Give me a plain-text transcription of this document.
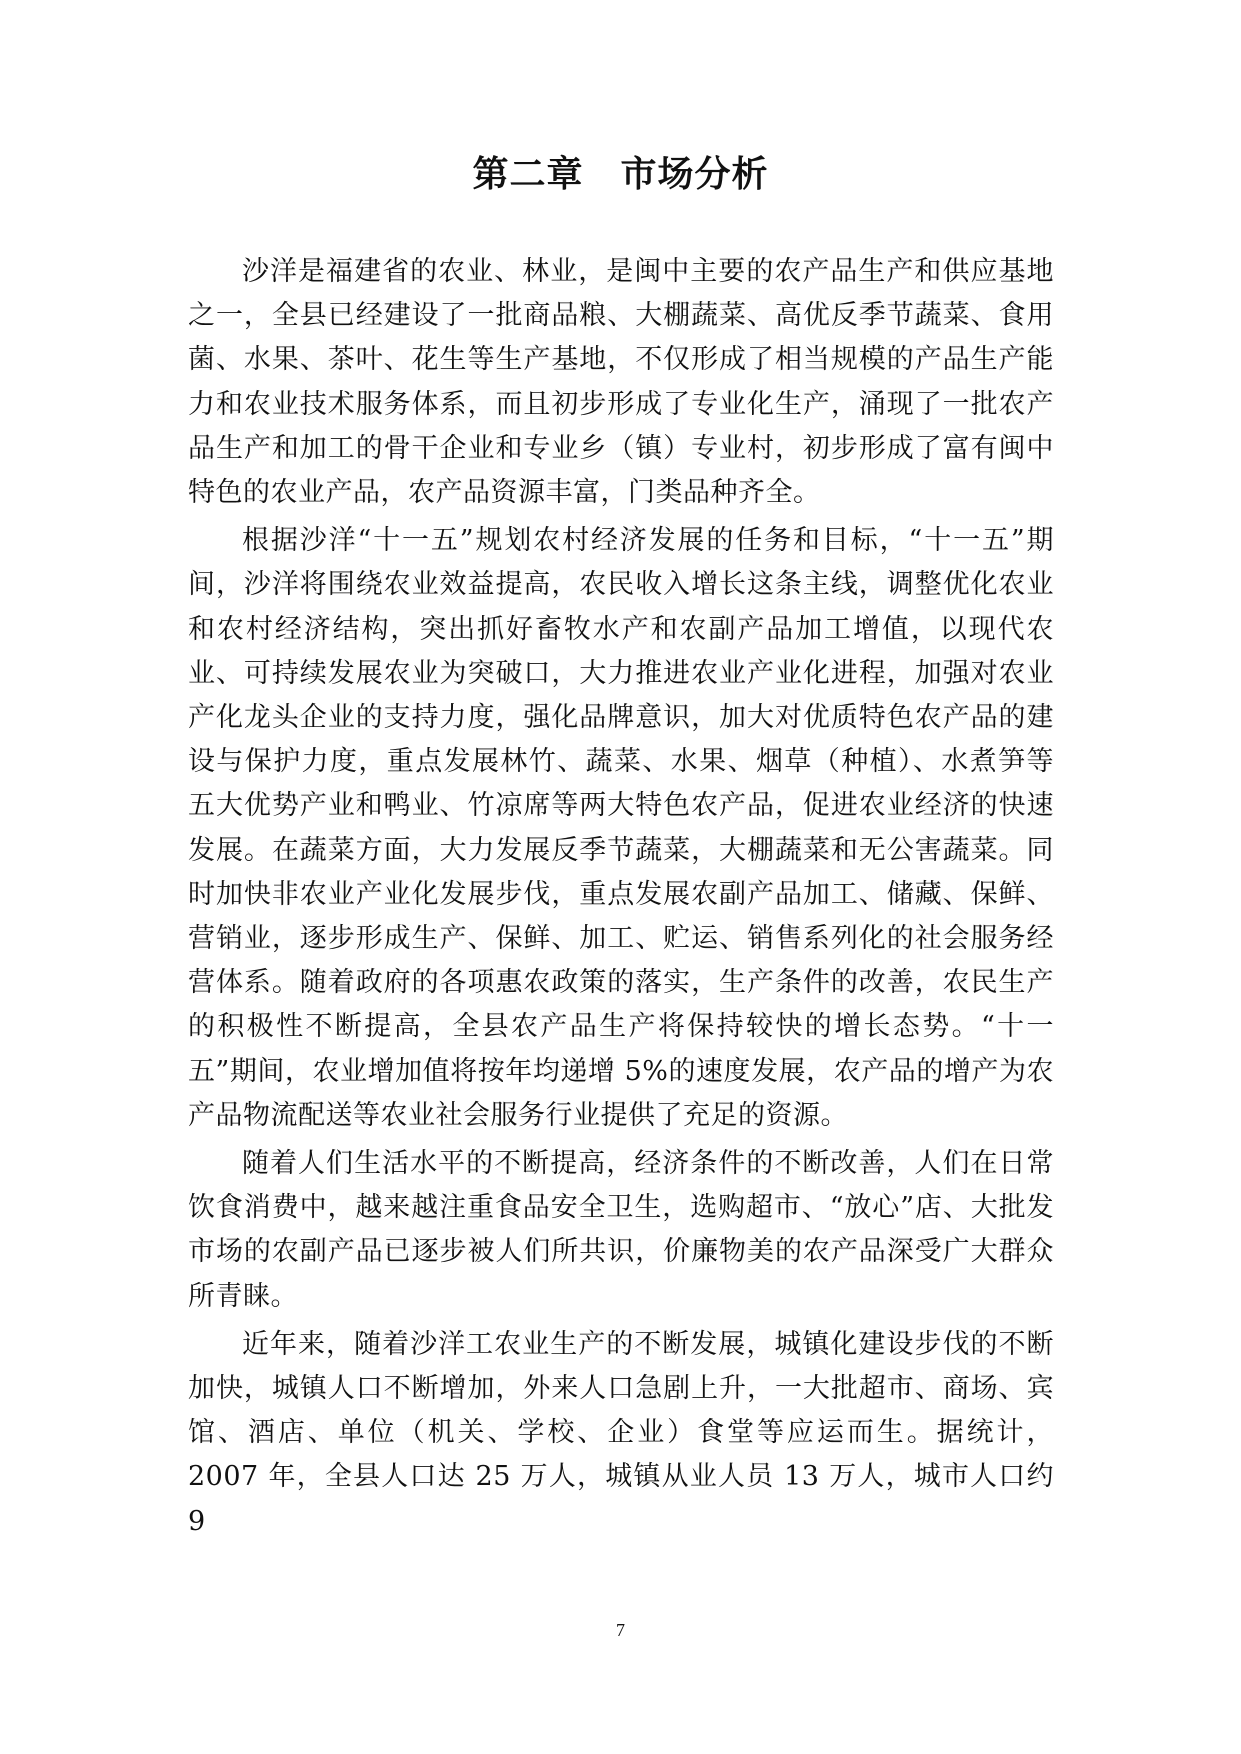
第二章　市场分析

沙洋是福建省的农业、林业，是闽中主要的农产品生产和供应基地之一，全县已经建设了一批商品粮、大棚蔬菜、高优反季节蔬菜、食用菌、水果、茶叶、花生等生产基地，不仅形成了相当规模的产品生产能力和农业技术服务体系，而且初步形成了专业化生产，涌现了一批农产品生产和加工的骨干企业和专业乡（镇）专业村，初步形成了富有闽中特色的农业产品，农产品资源丰富，门类品种齐全。

根据沙洋“十一五”规划农村经济发展的任务和目标，“十一五”期间，沙洋将围绕农业效益提高，农民收入增长这条主线，调整优化农业和农村经济结构，突出抓好畜牧水产和农副产品加工增值，以现代农业、可持续发展农业为突破口，大力推进农业产业化进程，加强对农业产化龙头企业的支持力度，强化品牌意识，加大对优质特色农产品的建设与保护力度，重点发展林竹、蔬菜、水果、烟草（种植）、水煮笋等五大优势产业和鸭业、竹凉席等两大特色农产品，促进农业经济的快速发展。在蔬菜方面，大力发展反季节蔬菜，大棚蔬菜和无公害蔬菜。同时加快非农业产业化发展步伐，重点发展农副产品加工、储藏、保鲜、营销业，逐步形成生产、保鲜、加工、贮运、销售系列化的社会服务经营体系。随着政府的各项惠农政策的落实，生产条件的改善，农民生产的积极性不断提高，全县农产品生产将保持较快的增长态势。“十一五”期间，农业增加值将按年均递增 5%的速度发展，农产品的增产为农产品物流配送等农业社会服务行业提供了充足的资源。

随着人们生活水平的不断提高，经济条件的不断改善，人们在日常饮食消费中，越来越注重食品安全卫生，选购超市、“放心”店、大批发市场的农副产品已逐步被人们所共识，价廉物美的农产品深受广大群众所青睐。

近年来，随着沙洋工农业生产的不断发展，城镇化建设步伐的不断加快，城镇人口不断增加，外来人口急剧上升，一大批超市、商场、宾馆、酒店、单位（机关、学校、企业）食堂等应运而生。据统计，2007 年，全县人口达 25 万人，城镇从业人员 13 万人，城市人口约 9

7
